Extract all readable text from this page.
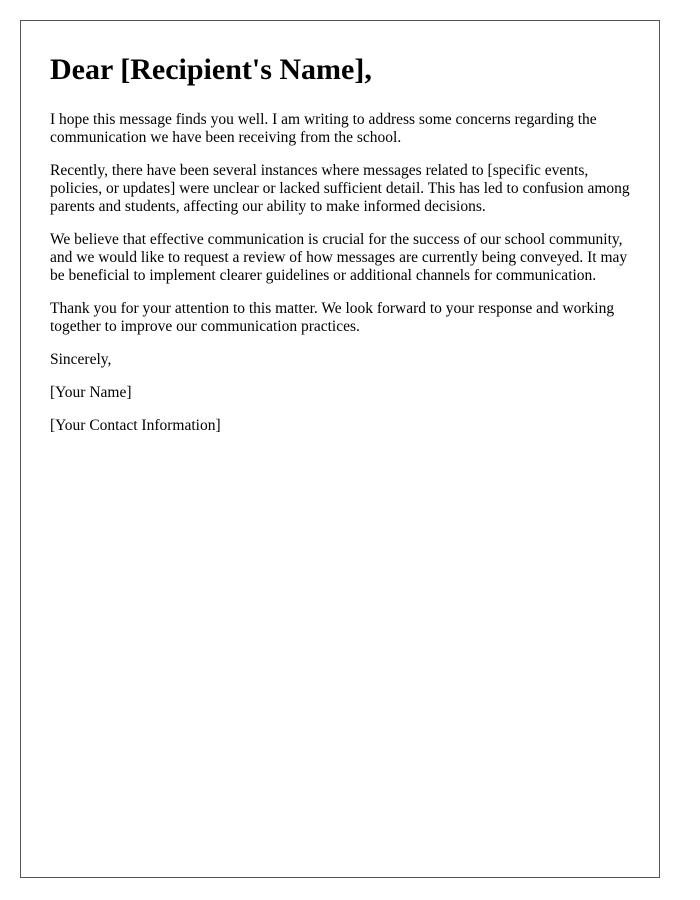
Dear [Recipient's Name],

I hope this message finds you well. I am writing to address some concerns regarding the communication we have been receiving from the school.

Recently, there have been several instances where messages related to [specific events, policies, or updates] were unclear or lacked sufficient detail. This has led to confusion among parents and students, affecting our ability to make informed decisions.

We believe that effective communication is crucial for the success of our school community, and we would like to request a review of how messages are currently being conveyed. It may be beneficial to implement clearer guidelines or additional channels for communication.

Thank you for your attention to this matter. We look forward to your response and working together to improve our communication practices.

Sincerely,

[Your Name]

[Your Contact Information]
